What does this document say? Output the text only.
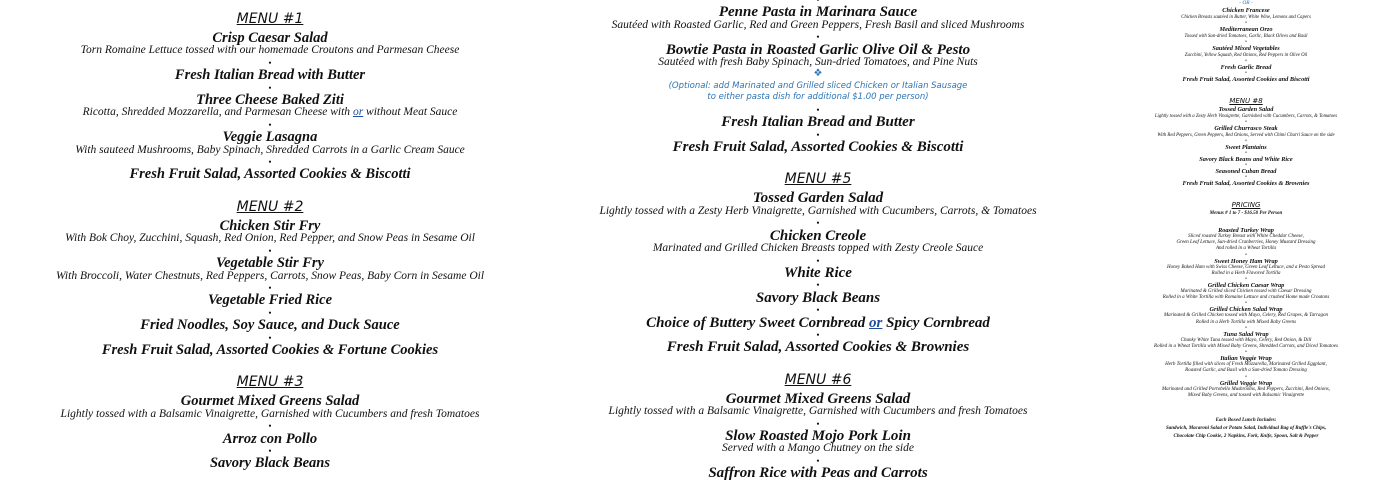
MENU #1
Crisp Caesar Salad
Torn Romaine Lettuce tossed with our homemade Croutons and Parmesan Cheese
•
Fresh Italian Bread with Butter
•
Three Cheese Baked Ziti
Ricotta, Shredded Mozzarella, and Parmesan Cheese with or without Meat Sauce
•
Veggie Lasagna
With sauteed Mushrooms, Baby Spinach, Shredded Carrots in a Garlic Cream Sauce
•
Fresh Fruit Salad, Assorted Cookies & Biscotti
MENU #2
Chicken Stir Fry
With Bok Choy, Zucchini, Squash, Red Onion, Red Pepper, and Snow Peas in Sesame Oil
•
Vegetable Stir Fry
With Broccoli, Water Chestnuts, Red Peppers, Carrots, Snow Peas, Baby Corn in Sesame Oil
•
Vegetable Fried Rice
•
Fried Noodles, Soy Sauce, and Duck Sauce
•
Fresh Fruit Salad, Assorted Cookies & Fortune Cookies
MENU #3
Gourmet Mixed Greens Salad
Lightly tossed with a Balsamic Vinaigrette, Garnished with Cucumbers and fresh Tomatoes
•
Arroz con Pollo
•
Savory Black Beans
•
Penne Pasta in Marinara Sauce
Sautéed with Roasted Garlic, Red and Green Peppers, Fresh Basil and sliced Mushrooms
•
Bowtie Pasta in Roasted Garlic Olive Oil & Pesto
Sautéed with fresh Baby Spinach, Sun-dried Tomatoes, and Pine Nuts
❖
(Optional: add Marinated and Grilled sliced Chicken or Italian Sausage
to either pasta dish for additional $1.00 per person)
•
Fresh Italian Bread and Butter
•
Fresh Fruit Salad, Assorted Cookies & Biscotti
MENU #5
Tossed Garden Salad
Lightly tossed with a Zesty Herb Vinaigrette, Garnished with Cucumbers, Carrots, & Tomatoes
•
Chicken Creole
Marinated and Grilled Chicken Breasts topped with Zesty Creole Sauce
•
White Rice
•
Savory Black Beans
•
Choice of Buttery Sweet Cornbread or Spicy Cornbread
•
Fresh Fruit Salad, Assorted Cookies & Brownies
MENU #6
Gourmet Mixed Greens Salad
Lightly tossed with a Balsamic Vinaigrette, Garnished with Cucumbers and fresh Tomatoes
•
Slow Roasted Mojo Pork Loin
Served with a Mango Chutney on the side
•
Saffron Rice with Peas and Carrots
- OR -
Chicken Francese
Chicken Breasts sautéed in Butter, White Wine, Lemons and Capers
•
Mediterranean Orzo
Tossed with Sun-dried Tomatoes, Garlic, Black Olives and Basil
•
Sautéed Mixed Vegetables
Zucchini, Yellow Squash, Red Onions, Red Peppers in Olive Oil
•
Fresh Garlic Bread
•
Fresh Fruit Salad, Assorted Cookies and Biscotti
MENU #8
Tossed Garden Salad
Lightly tossed with a Zesty Herb Vinaigrette, Garnished with Cucumbers, Carrots, & Tomatoes
•
Grilled Churrasco Steak
With Red Peppers, Green Peppers, Red Onions, Served with Chimi Churri Sauce on the side
•
Sweet Plantains
•
Savory Black Beans and White Rice
•
Seasoned Cuban Bread
•
Fresh Fruit Salad, Assorted Cookies & Brownies
PRICING
Menus # 1 to 7 - $16.50 Per Person
Roasted Turkey Wrap
Sliced roasted Turkey Breast with White Cheddar Cheese,
Green Leaf Lettuce, Sun-dried Cranberries, Honey Mustard Dressing
And rolled in a Wheat Tortilla
•
Sweet Honey Ham Wrap
Honey Baked Ham with Swiss Cheese, Green Leaf Lettuce, and a Pesto Spread
Rolled in a Herb Flavored Tortilla
•
Grilled Chicken Caesar Wrap
Marinated & Grilled sliced Chicken tossed with Caesar Dressing
Rolled in a White Tortilla with Romaine Lettuce and crushed Home made Croutons
•
Grilled Chicken Salad Wrap
Marinated & Grilled Chicken tossed with Mayo, Celery, Red Grapes, & Tarragon
Rolled in a Herb Tortilla with Mixed Baby Greens
•
Tuna Salad Wrap
Chunky White Tuna tossed with Mayo, Celery, Red Onion, & Dill
Rolled in a Wheat Tortilla with Mixed Baby Greens, Shredded Carrots, and Diced Tomatoes
•
Italian Veggie Wrap
Herb Tortilla filled with slices of Fresh Mozzarella, Marinated Grilled Eggplant,
Roasted Garlic, and Basil with a Sun-dried Tomato Dressing
•
Grilled Veggie Wrap
Marinated and Grilled Portobello Mushrooms, Red Peppers, Zucchini, Red Onions,
Mixed Baby Greens, and tossed with Balsamic Vinaigrette
Each Boxed Lunch Includes:
Sandwich, Macaroni Salad or Potato Salad, Individual Bag of Ruffle's Chips,
Chocolate Chip Cookie, 2 Napkins, Fork, Knife, Spoon, Salt & Pepper
